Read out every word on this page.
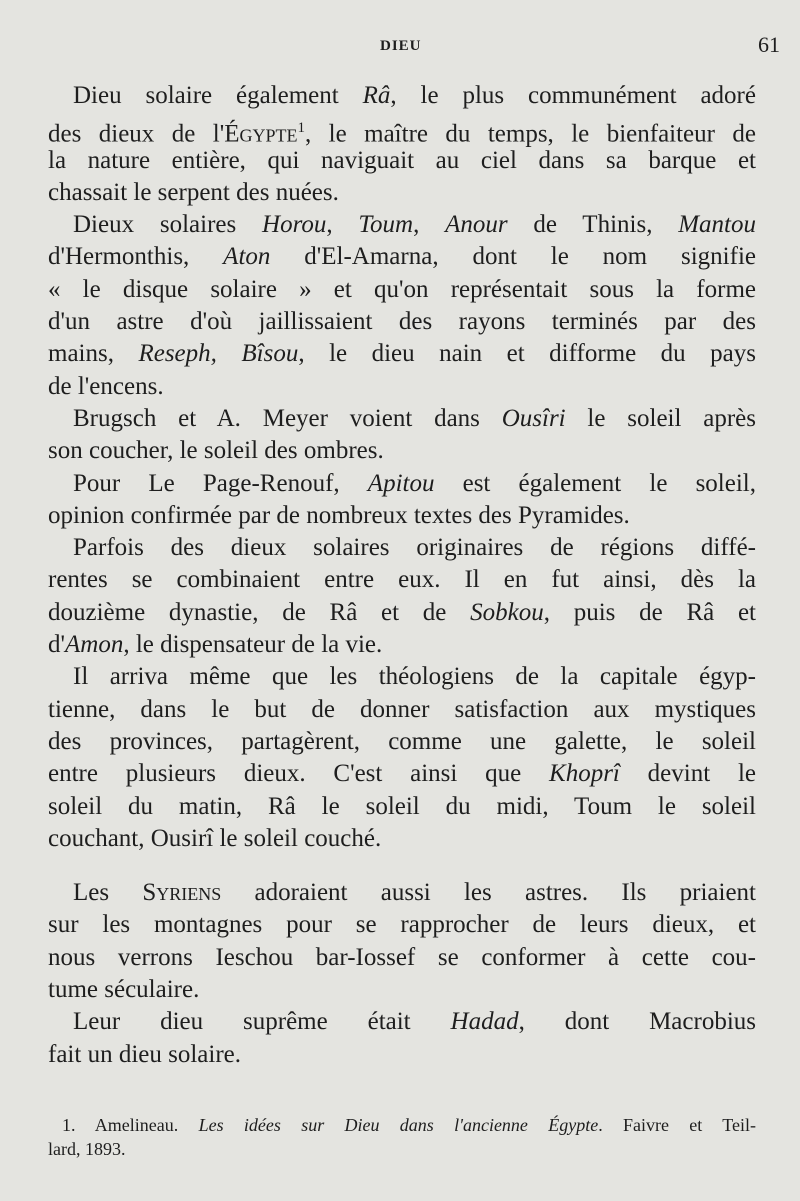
DIEU	61
Dieu solaire également Râ, le plus communément adoré
des dieux de l'Égypte$^1$, le maître du temps, le bienfaiteur de
la nature entière, qui naviguait au ciel dans sa barque et
chassait le serpent des nuées.
Dieux solaires Horou, Toum, Anour de Thinis, Mantou
d'Hermonthis, Aton d'El-Amarna, dont le nom signifie
« le disque solaire » et qu'on représentait sous la forme
d'un astre d'où jaillissaient des rayons terminés par des
mains, Reseph, Bîsou, le dieu nain et difforme du pays
de l'encens.
Brugsch et A. Meyer voient dans Ousîri le soleil après
son coucher, le soleil des ombres.
Pour Le Page-Renouf, Apitou est également le soleil,
opinion confirmée par de nombreux textes des Pyramides.
Parfois des dieux solaires originaires de régions diffé-
rentes se combinaient entre eux. Il en fut ainsi, dès la
douzième dynastie, de Râ et de Sobkou, puis de Râ et
d'Amon, le dispensateur de la vie.
Il arriva même que les théologiens de la capitale égyp-
tienne, dans le but de donner satisfaction aux mystiques
des provinces, partagèrent, comme une galette, le soleil
entre plusieurs dieux. C'est ainsi que Khoprî devint le
soleil du matin, Râ le soleil du midi, Toum le soleil
couchant, Ousirî le soleil couché.
Les Syriens adoraient aussi les astres. Ils priaient
sur les montagnes pour se rapprocher de leurs dieux, et
nous verrons Ieschou bar-Iossef se conformer à cette cou-
tume séculaire.
Leur dieu suprême était Hadad, dont Macrobius
fait un dieu solaire.
1. Amelineau. Les idées sur Dieu dans l'ancienne Égypte. Faivre et Teil-
lard, 1893.
